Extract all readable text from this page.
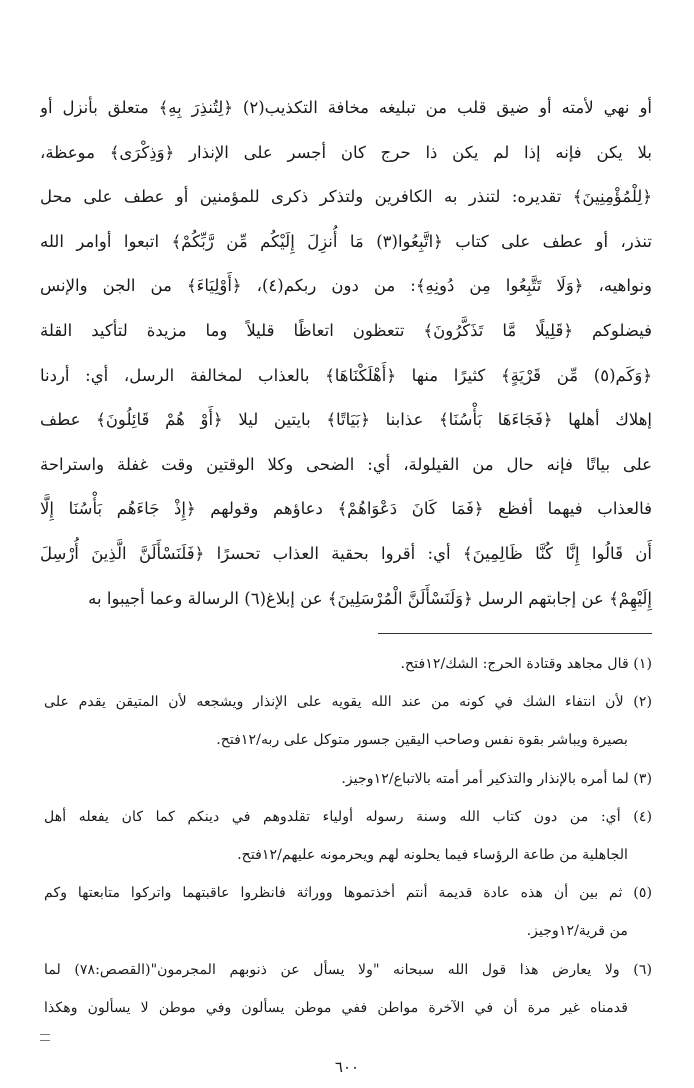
أو نهي لأمته أو ضيق قلب من تبليغه مخافة التكذيب(٢) ﴿لِتُنذِرَ بِهِ﴾ متعلق بأنزل أو
بلا يكن فإنه إذا لم يكن ذا حرج كان أجسر على الإنذار ﴿وَذِكْرَى﴾ موعظة،
﴿لِلْمُؤْمِنِينَ﴾ تقديره: لتنذر به الكافرين ولتذكر ذكرى للمؤمنين أو عطف على محل
تنذر، أو عطف على كتاب ﴿اتَّبِعُوا(٣) مَا أُنزِلَ إِلَيْكُم مِّن رَّبِّكُمْ﴾ اتبعوا أوامر الله
ونواهيه، ﴿وَلَا تَتَّبِعُوا مِن دُونِهِ﴾: من دون ربكم(٤)، ﴿أَوْلِيَاءَ﴾ من الجن والإنس
فيضلوكم ﴿قَلِيلًا مَّا تَذَكَّرُونَ﴾ تتعظون اتعاظًا قليلاً وما مزيدة لتأكيد القلة
﴿وَكَم(٥) مِّن قَرْيَةٍ﴾ كثيرًا منها ﴿أَهْلَكْنَاهَا﴾ بالعذاب لمخالفة الرسل، أي: أردنا
إهلاك أهلها ﴿فَجَاءَهَا بَأْسُنَا﴾ عذابنا ﴿بَيَاتًا﴾ بايتين ليلا ﴿أَوْ هُمْ قَائِلُونَ﴾ عطف
على بياتًا فإنه حال من القيلولة، أي: الضحى وكلا الوقتين وقت غفلة واستراحة
فالعذاب فيهما أفظع ﴿فَمَا كَانَ دَعْوَاهُمْ﴾ دعاؤهم وقولهم ﴿إِذْ جَاءَهُم بَأْسُنَا إِلَّا
أَن قَالُوا إِنَّا كُنَّا ظَالِمِينَ﴾ أي: أقروا بحقية العذاب تحسرًا ﴿فَلَنَسْأَلَنَّ الَّذِينَ أُرْسِلَ
إِلَيْهِمْ﴾ عن إجابتهم الرسل ﴿وَلَنَسْأَلَنَّ الْمُرْسَلِينَ﴾ عن إبلاغ(٦) الرسالة وعما أجيبوا به
(١) قال مجاهد وقتادة الحرج: الشك/١٢فتح.
(٢) لأن انتفاء الشك في كونه من عند الله يقويه على الإنذار ويشجعه لأن المتيقن يقدم على
بصيرة ويباشر بقوة نفس وصاحب اليقين جسور متوكل على ربه/١٢فتح.
(٣) لما أمره بالإنذار والتذكير أمر أمته بالاتباع/١٢وجيز.
(٤) أي: من دون كتاب الله وسنة رسوله أولياء تقلدوهم في دينكم كما كان يفعله أهل
الجاهلية من طاعة الرؤساء فيما يحلونه لهم ويحرمونه عليهم/١٢فتح.
(٥) ثم بين أن هذه عادة قديمة أنتم أخذتموها ووراثة فانظروا عاقبتهما واتركوا متابعتها وكم
من قرية/١٢وجيز.
(٦) ولا يعارض هذا قول الله سبحانه "ولا يسأل عن ذنوبهم المجرمون"(القصص:٧٨) لما
قدمناه غير مرة أن في الآخرة مواطن ففي موطن يسألون وفي موطن لا يسألون وهكذا
٦٠٠
